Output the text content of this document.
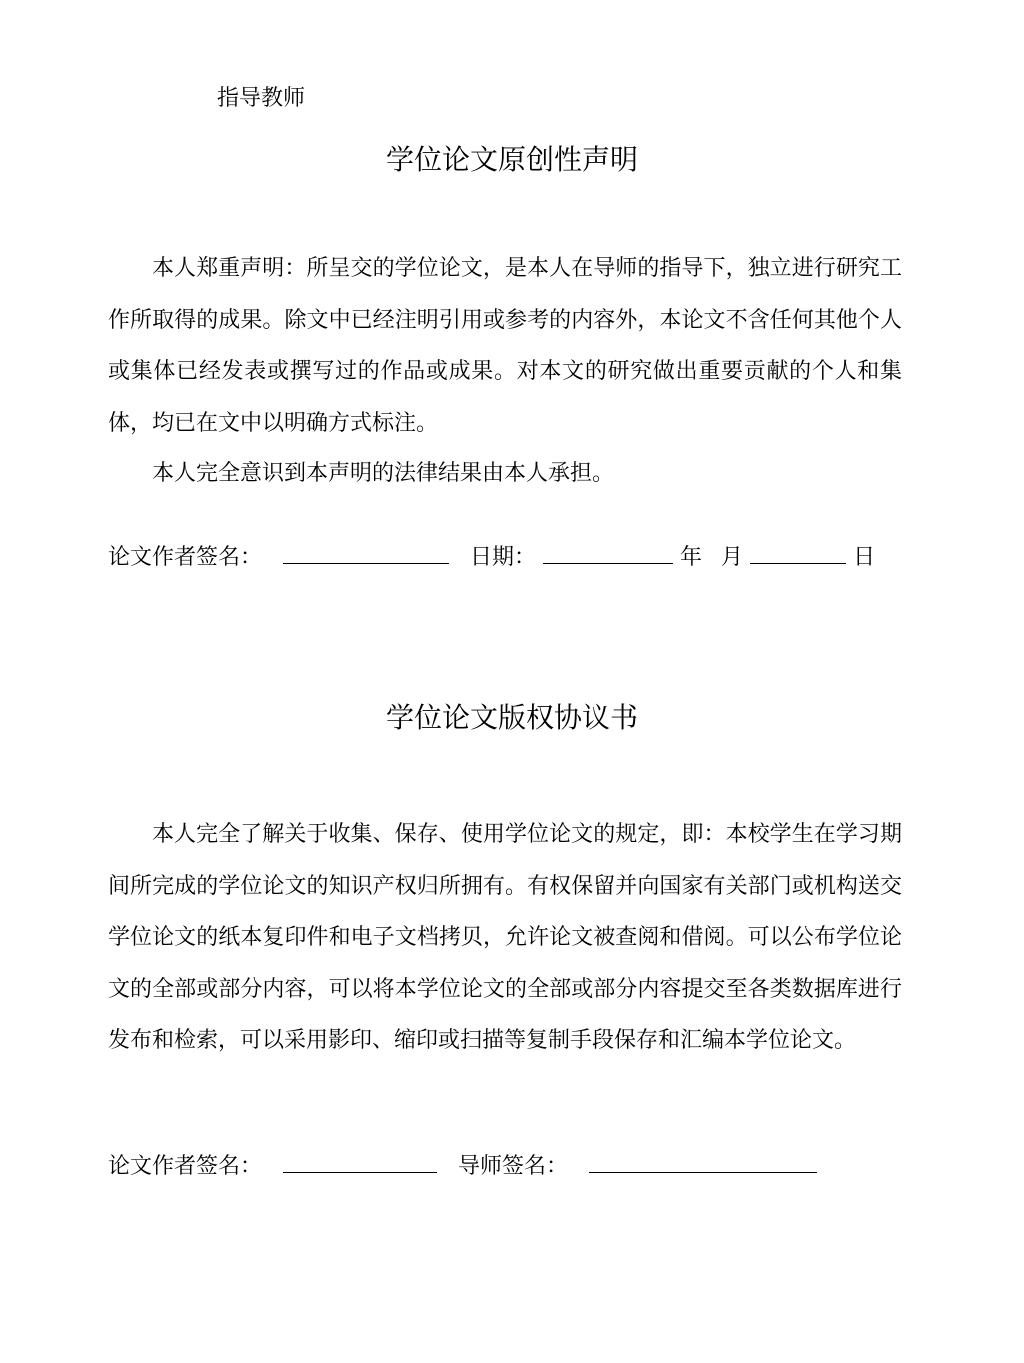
指导教师
学位论文原创性声明

本人郑重声明：所呈交的学位论文，是本人在导师的指导下，独立进行研究工作所取得的成果。除文中已经注明引用或参考的内容外，本论文不含任何其他个人或集体已经发表或撰写过的作品或成果。对本文的研究做出重要贡献的个人和集体，均已在文中以明确方式标注。

本人完全意识到本声明的法律结果由本人承担。

论文作者签名：	日期：	年 月	日
学位论文版权协议书

本人完全了解关于收集、保存、使用学位论文的规定，即：本校学生在学习期间所完成的学位论文的知识产权归所拥有。有权保留并向国家有关部门或机构送交学位论文的纸本复印件和电子文档拷贝，允许论文被查阅和借阅。可以公布学位论文的全部或部分内容，可以将本学位论文的全部或部分内容提交至各类数据库进行发布和检索，可以采用影印、缩印或扫描等复制手段保存和汇编本学位论文。

论文作者签名：	导师签名：
